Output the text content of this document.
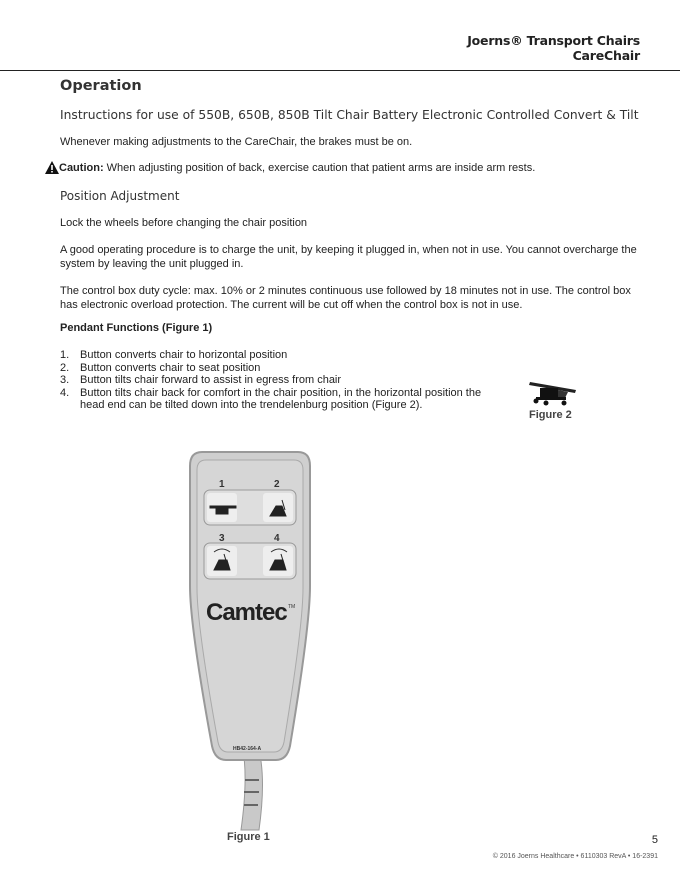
Joerns® Transport Chairs
CareChair
Operation
Instructions for use of 550B, 650B, 850B Tilt Chair Battery Electronic Controlled Convert & Tilt
Whenever making adjustments to the CareChair, the brakes must be on.
Caution: When adjusting position of back, exercise caution that patient arms are inside arm rests.
Position Adjustment
Lock the wheels before changing the chair position
A good operating procedure is to charge the unit, by keeping it plugged in, when not in use. You cannot overcharge the system by leaving the unit plugged in.
The control box duty cycle: max. 10% or 2 minutes continuous use followed by 18 minutes not in use. The control box has electronic overload protection. The current will be cut off when the control box is not in use.
Pendant Functions (Figure 1)
1. Button converts chair to horizontal position
2. Button converts chair to seat position
3. Button tilts chair forward to assist in egress from chair
4. Button tilts chair back for comfort in the chair position, in the horizontal position the head end can be tilted down into the trendelenburg position (Figure 2).
Figure 2
1	2
3	4
Camtec TM
HB42-164-A
Figure 1	5
© 2016 Joerns Healthcare • 6110303 RevA • 16-2391
